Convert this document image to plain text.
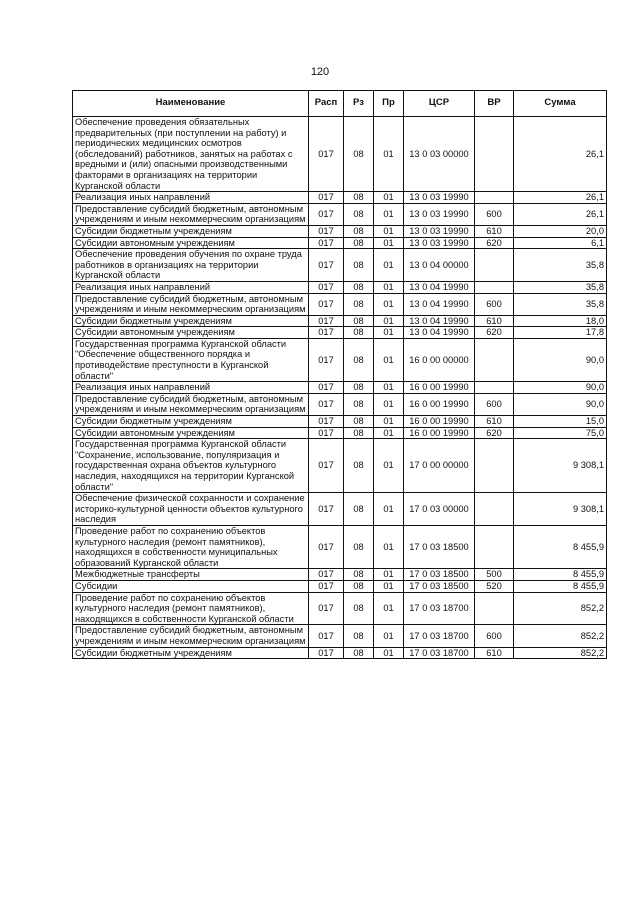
120
Наименование	Расп	Рз	Пр	ЦСР	ВР	Сумма
Обеспечение проведения обязательных предварительных (при поступлении на работу) и периодических медицинских осмотров (обследований) работников, занятых на работах с вредными и (или) опасными производственными факторами в организациях на территории Курганской области	017	08	01	13 0 03 00000		26,1
Реализация иных направлений	017	08	01	13 0 03 19990		26,1
Предоставление субсидий бюджетным, автономным учреждениям и иным некоммерческим организациям	017	08	01	13 0 03 19990	600	26,1
Субсидии бюджетным учреждениям	017	08	01	13 0 03 19990	610	20,0
Субсидии автономным учреждениям	017	08	01	13 0 03 19990	620	6,1
Обеспечение проведения обучения по охране труда работников в организациях на территории Курганской области	017	08	01	13 0 04 00000		35,8
Реализация иных направлений	017	08	01	13 0 04 19990		35,8
Предоставление субсидий бюджетным, автономным учреждениям и иным некоммерческим организациям	017	08	01	13 0 04 19990	600	35,8
Субсидии бюджетным учреждениям	017	08	01	13 0 04 19990	610	18,0
Субсидии автономным учреждениям	017	08	01	13 0 04 19990	620	17,8
Государственная программа Курганской области "Обеспечение общественного порядка и противодействие преступности в Курганской области"	017	08	01	16 0 00 00000		90,0
Реализация иных направлений	017	08	01	16 0 00 19990		90,0
Предоставление субсидий бюджетным, автономным учреждениям и иным некоммерческим организациям	017	08	01	16 0 00 19990	600	90,0
Субсидии бюджетным учреждениям	017	08	01	16 0 00 19990	610	15,0
Субсидии автономным учреждениям	017	08	01	16 0 00 19990	620	75,0
Государственная программа Курганской области "Сохранение, использование, популяризация и государственная охрана объектов культурного наследия, находящихся на территории Курганской области"	017	08	01	17 0 00 00000		9 308,1
Обеспечение физической сохранности и сохранение историко-культурной ценности объектов культурного наследия	017	08	01	17 0 03 00000		9 308,1
Проведение работ по сохранению объектов культурного наследия (ремонт памятников), находящихся в собственности муниципальных образований Курганской области	017	08	01	17 0 03 18500		8 455,9
Межбюджетные трансферты	017	08	01	17 0 03 18500	500	8 455,9
Субсидии	017	08	01	17 0 03 18500	520	8 455,9
Проведение работ по сохранению объектов культурного наследия (ремонт памятников), находящихся в собственности Курганской области	017	08	01	17 0 03 18700		852,2
Предоставление субсидий бюджетным, автономным учреждениям и иным некоммерческим организациям	017	08	01	17 0 03 18700	600	852,2
Субсидии бюджетным учреждениям	017	08	01	17 0 03 18700	610	852,2
